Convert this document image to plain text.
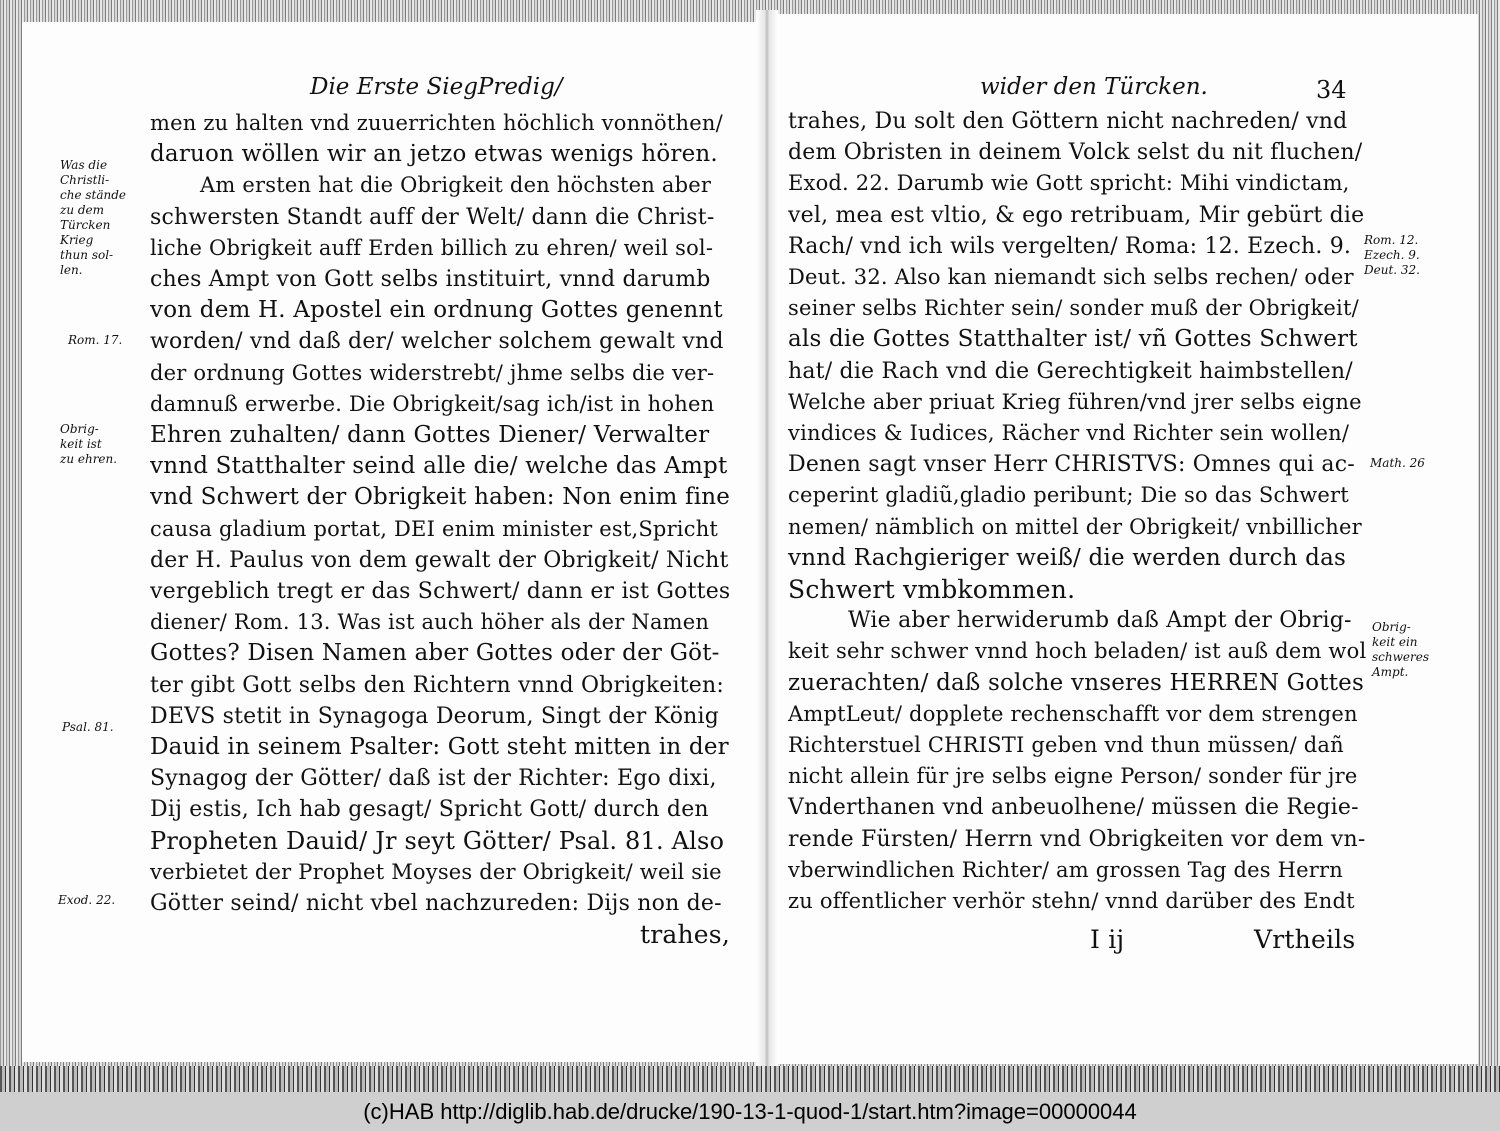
Die Erste SiegPredig/
men zu halten vnd zuuerrichten höchlich vonnöthen/
daruon wöllen wir an jetzo etwas wenigs hören.
Am ersten hat die Obrigkeit den höchsten aber
schwersten Standt auff der Welt/ dann die Christ-
liche Obrigkeit auff Erden billich zu ehren/ weil sol-
ches Ampt von Gott selbs instituirt, vnnd darumb
von dem H. Apostel ein ordnung Gottes genennt
worden/ vnd daß der/ welcher solchem gewalt vnd
der ordnung Gottes widerstrebt/ jhme selbs die ver-
damnuß erwerbe. Die Obrigkeit/sag ich/ist in hohen
Ehren zuhalten/ dann Gottes Diener/ Verwalter
vnnd Statthalter seind alle die/ welche das Ampt
vnd Schwert der Obrigkeit haben: Non enim fine
causa gladium portat, DEI enim minister est,Spricht
der H. Paulus von dem gewalt der Obrigkeit/ Nicht
vergeblich tregt er das Schwert/ dann er ist Gottes
diener/ Rom. 13. Was ist auch höher als der Namen
Gottes? Disen Namen aber Gottes oder der Göt-
ter gibt Gott selbs den Richtern vnnd Obrigkeiten:
DEVS stetit in Synagoga Deorum, Singt der König
Dauid in seinem Psalter: Gott steht mitten in der
Synagog der Götter/ daß ist der Richter: Ego dixi,
Dij estis, Ich hab gesagt/ Spricht Gott/ durch den
Propheten Dauid/ Jr seyt Götter/ Psal. 81. Also
verbietet der Prophet Moyses der Obrigkeit/ weil sie
Götter seind/ nicht vbel nachzureden: Dijs non de-
trahes,
Was die
Christli-
che stände
zu dem
Türcken
Krieg
thun sol-
len.
Rom. 17.
Obrig-
keit ist
zu ehren.
Psal. 81.
Exod. 22.
wider den Türcken.	34
trahes, Du solt den Göttern nicht nachreden/ vnd
dem Obristen in deinem Volck selst du nit fluchen/
Exod. 22. Darumb wie Gott spricht: Mihi vindictam,
vel, mea est vltio, & ego retribuam, Mir gebürt die
Rach/ vnd ich wils vergelten/ Roma: 12. Ezech. 9.
Deut. 32. Also kan niemandt sich selbs rechen/ oder
seiner selbs Richter sein/ sonder muß der Obrigkeit/
als die Gottes Statthalter ist/ vñ Gottes Schwert
hat/ die Rach vnd die Gerechtigkeit haimbstellen/
Welche aber priuat Krieg führen/vnd jrer selbs eigne
vindices & Iudices, Rächer vnd Richter sein wollen/
Denen sagt vnser Herr CHRISTVS: Omnes qui ac-
ceperint gladiũ,gladio peribunt; Die so das Schwert
nemen/ nämblich on mittel der Obrigkeit/ vnbillicher
vnnd Rachgieriger weiß/ die werden durch das
Schwert vmbkommen.
Wie aber herwiderumb daß Ampt der Obrig-
keit sehr schwer vnnd hoch beladen/ ist auß dem wol
zuerachten/ daß solche vnseres HERREN Gottes
AmptLeut/ dopplete rechenschafft vor dem strengen
Richterstuel CHRISTI geben vnd thun müssen/ dañ
nicht allein für jre selbs eigne Person/ sonder für jre
Vnderthanen vnd anbeuolhene/ müssen die Regie-
rende Fürsten/ Herrn vnd Obrigkeiten vor dem vn-
vberwindlichen Richter/ am grossen Tag des Herrn
zu offentlicher verhör stehn/ vnnd darüber des Endt
I ij	Vrtheils
Rom. 12.
Ezech. 9.
Deut. 32.
Math. 26
Obrig-
keit ein
schweres
Ampt.
(c)HAB http://diglib.hab.de/drucke/190-13-1-quod-1/start.htm?image=00000044
